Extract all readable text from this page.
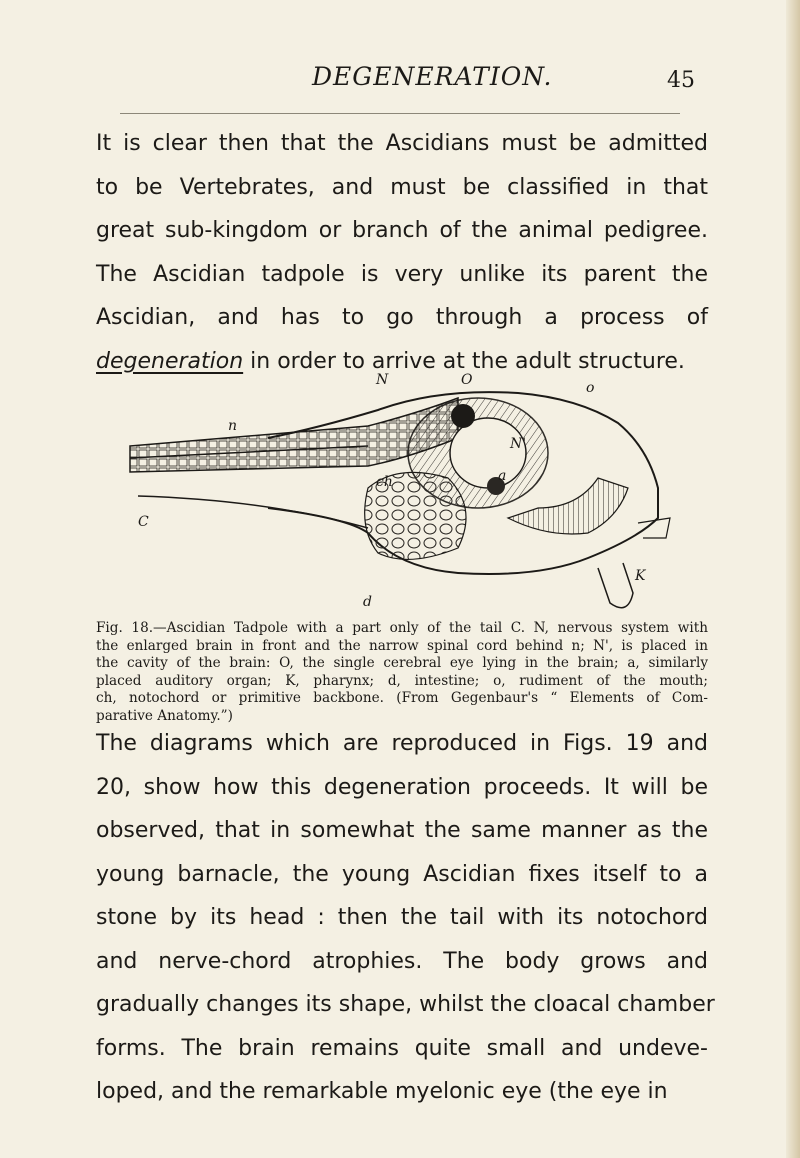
DEGENERATION.	45
It is clear then that the Ascidians must be admitted
to be Vertebrates, and must be classified in that
great sub-kingdom or branch of the animal pedigree.
The Ascidian tadpole is very unlike its parent the
Ascidian, and has to go through a process of
degeneration in order to arrive at the adult structure.
N	O	o
n
ch
C
N'
a
d
K

Fig. 18.—Ascidian Tadpole with a part only of the tail C. N, nervous system with
the enlarged brain in front and the narrow spinal cord behind n; N', is placed in
the cavity of the brain: O, the single cerebral eye lying in the brain; a, similarly
placed auditory organ; K, pharynx; d, intestine; o, rudiment of the mouth;
ch, notochord or primitive backbone. (From Gegenbaur's “ Elements of Com-
parative Anatomy.”)

The diagrams which are reproduced in Figs. 19 and
20, show how this degeneration proceeds. It will be
observed, that in somewhat the same manner as the
young barnacle, the young Ascidian fixes itself to a
stone by its head : then the tail with its notochord
and nerve-chord atrophies. The body grows and
gradually changes its shape, whilst the cloacal chamber
forms. The brain remains quite small and undeve-
loped, and the remarkable myelonic eye (the eye in
